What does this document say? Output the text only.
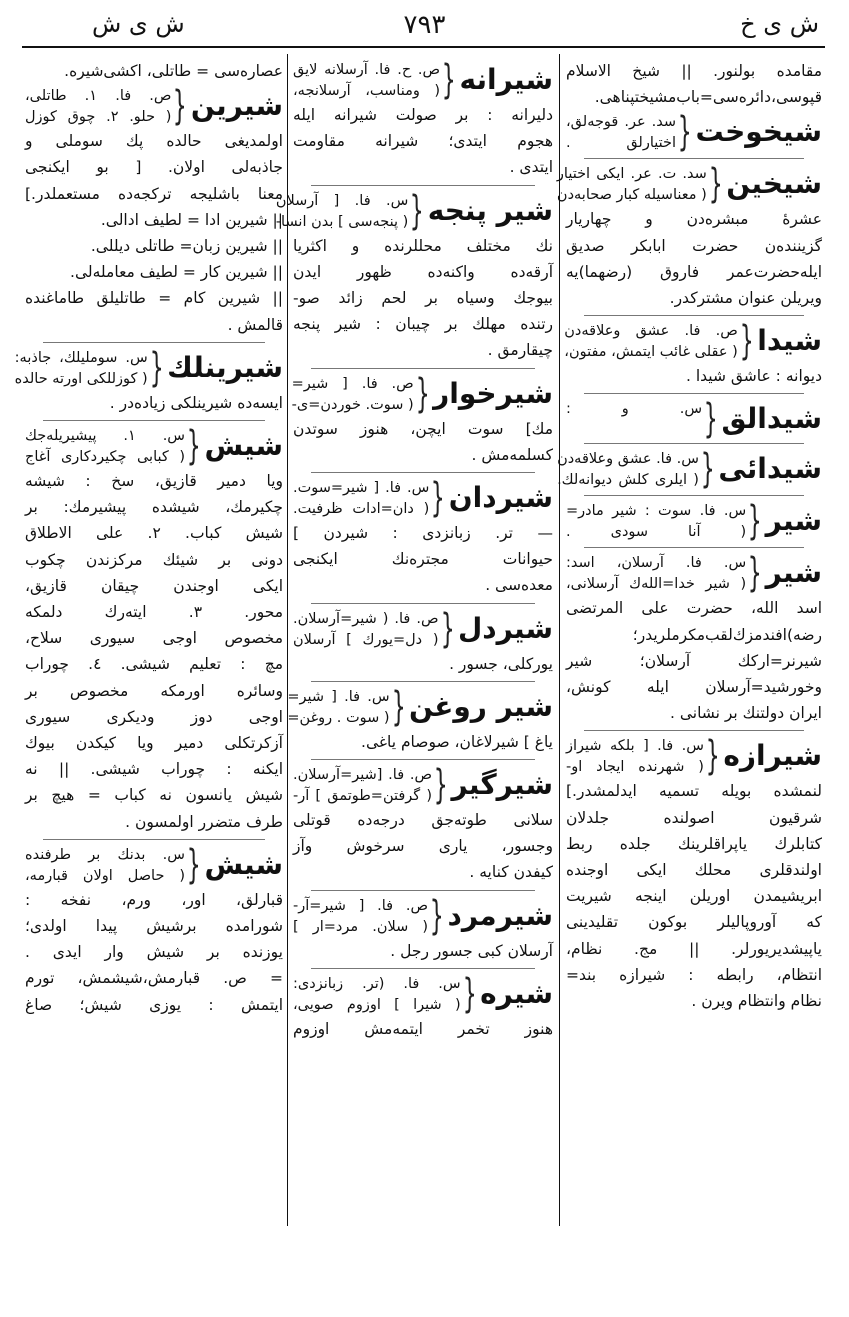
ش ی خ
٧٩٣
ش ی ش
مقامده بولنور. || شیخ الاسلام
قپوسی،دائره‌سی=باب‌مشیختپناهی.
شیخوخت
{
سد. عر. قوجه‌لق،
اختیارلق .
شیخین
{
سد. ت. عر. ایکی اختیار
( معناسیله کبار صحابه‌دن
عشرهٔ مبشره‌دن و چهاریار
گزیننده‌ن حضرت ابابکر صدیق
ایله‌حضرت‌عمر فاروق (رضهما)یه
ویریلن عنوان مشترکدر.
شیدا
{
ص. فا. عشق وعلاقه‌دن
( عقلی غائب ایتمش، مفتون،
دیوانه : عاشق شیدا .
شیدالق
{
س. و :
شیدائی
{
س. فا. عشق وعلاقه‌دن
( ایلری کلش دیوانه‌لك.
شیر
{
س. فا. سوت : شیر مادر=
( آنا سودی .
شیر
{
س. فا. آرسلان، اسد:
( شیر خدا=الله‌ك آرسلانی،
اسد الله، حضرت علی المرتضی
رضه)افندمزك‌لقب‌مکرملریدر؛
شیرنر=ارکك آرسلان؛ شیر
وخورشید=آرسلان ایله کونش،
ایران دولتنك بر نشانی .
شیرازه
{
س. فا. [ بلکه شیراز
( شهرنده ایجاد او-
لنمشده بویله تسمیه ایدلمشدر.]
شرقیون اصولنده جلدلان
کتابلرك یاپراقلرینك جلده ربط
اولندقلری محلك ایکی اوجنده
ابریشیمدن اوریلن اینجه شیریت
که آوروپالیلر بوکون تقلیدینی
یاپیشدیریورلر. || مج. نظام،
انتظام، رابطه : شیرازه بند=
نظام وانتظام ویرن .
شیرانه
{
ص. ح. فا. آرسلانه لایق
( ومناسب، آرسلانجه،
دلیرانه : بر صولت شیرانه ایله
هجوم ایتدی؛ شیرانه مقاومت
ایتدی .
شیر پنجه
{
س. فا. [ آرسلان
( پنجه‌سی ] بدن انسا-
نك مختلف محللرنده و اکثریا
آرقه‌ده واکنه‌ده ظهور ایدن
بیوجك وسیاه بر لحم زائد صو-
رتنده مهلك بر چیبان : شیر پنجه
چیقارمق .
شیرخوار
{
ص. فا. [ شیر=
( سوت. خوردن=ی-
مك] سوت ایچن، هنوز سوتدن
کسلمه‌مش .
شیردان
{
س. فا. [ شیر=سوت.
( دان=ادات ظرفیت.
— تر. زبانزدی : شیردن ]
حیوانات مجتره‌نك ایکنجی
معده‌سی .
شیردل
{
ص. فا. ( شیر=آرسلان.
( دل=یورك ] آرسلان
یورکلی، جسور .
شیر روغن
{
س. فا. [ شیر=
( سوت . روغن=
یاغ ] شیرلاغان، صوصام یاغی.
شیرگیر
{
ص. فا. [شیر=آرسلان.
( گرفتن=طوتمق ] آر-
سلانی طوته‌جق درجه‌ده قوتلی
وجسور، یاری سرخوش وآز
کیفدن کنایه .
شیرمرد
{
ص. فا. [ شیر=آر-
( سلان. مرد=ار ]
آرسلان کبی جسور رجل .
شیره
{
س. فا. (تر. زبانزدی:
( شیرا ] اوزوم صویی،
هنوز تخمر ایتمه‌مش اوزوم
عصاره‌سی = طاتلی، اکشی‌شیره.
شیرین
{
ص. فا. ١. طاتلی،
( حلو. ٢. چوق کوزل
اولمدیغی حالده پك سوملی و
جاذبه‌لی اولان. [ بو ایکنجی
معنا باشلیجه ترکجه‌ده مستعملدر.]
|| شیرین ادا = لطیف ادالی.
|| شیرین زبان= طاتلی دیللی.
|| شیرین کار = لطیف معامله‌لی.
|| شیرین کام = طاتلیلق طاماغنده
قالمش .
شیرینلك
{
س. سوملیلك، جاذبه:
( کوزللکی اورته حالده
ایسه‌ده شیرینلکی زیاده‌در .
شیش
{
س. ١. پیشیریله‌جك
( کبابی چکیردکاری آغاج
ویا دمیر قازیق، سخ : شیشه
چکیرمك، شیشده پیشیرمك: بر
شیش کباب. ٢. علی الاطلاق
دونی بر شیئك مرکزندن چکوب
ایکی اوجندن چیقان قازیق،
محور. ٣. ایته‌رك دلمکه
مخصوص اوجی سیوری سلاح،
مچ : تعلیم شیشی. ٤. چوراب
وسائره اورمکه مخصوص بر
اوجی دوز ودیکری سیوری
آزکرتکلی دمیر ویا کیکدن بیوك
ایکنه : چوراب شیشی. || نه
شیش یانسون نه کباب = هیچ بر
طرف متضرر اولمسون .
شیش
{
س. بدنك بر طرفنده
( حاصل اولان قبارمه،
قبارلق، اور، ورم، نفخه :
شورامده برشیش پیدا اولدی؛
یوزنده بر شیش وار ایدی .
= ص. قبارمش،شیشمش، تورم
ایتمش : یوزی شیش؛ صاغ
